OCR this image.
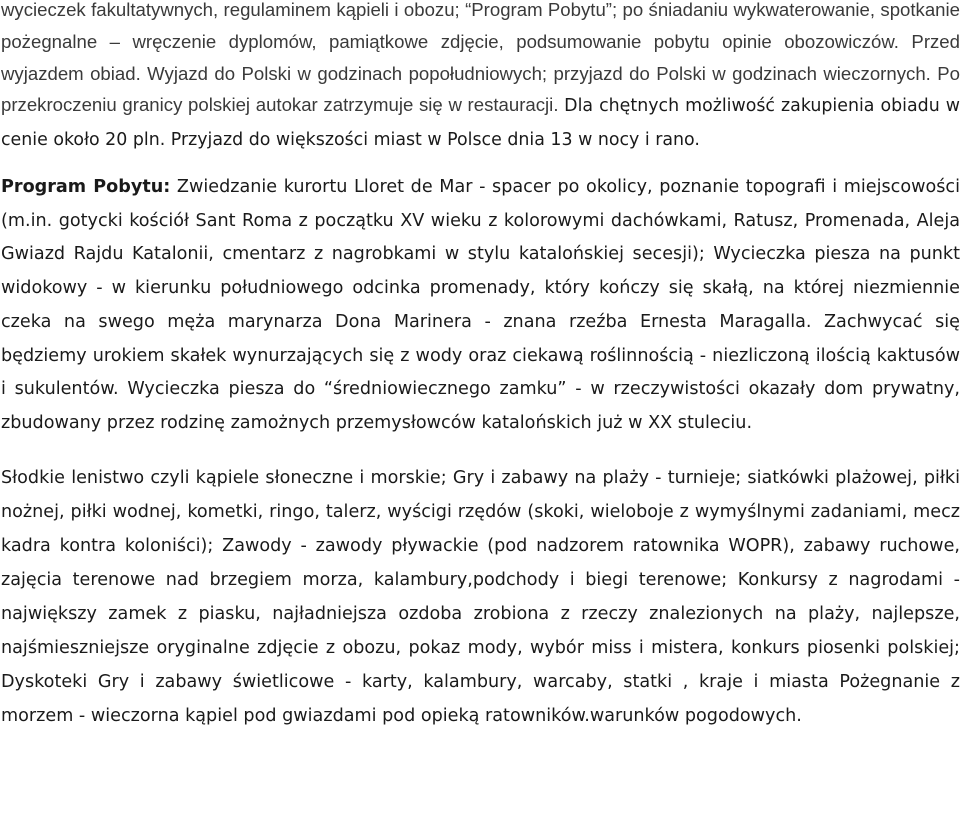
wycieczek fakultatywnych, regulaminem kąpieli i obozu; “Program Pobytu”; po śniadaniu wykwaterowanie, spotkanie pożegnalne – wręczenie dyplomów, pamiątkowe zdjęcie, podsumowanie pobytu opinie obozowiczów. Przed wyjazdem obiad. Wyjazd do Polski w godzinach popołudniowych; przyjazd do Polski w godzinach wieczornych. Po przekroczeniu granicy polskiej autokar zatrzymuje się w restauracji. Dla chętnych możliwość zakupienia obiadu w cenie około 20 pln. Przyjazd do większości miast w Polsce dnia 13 w nocy i rano.

Program Pobytu: Zwiedzanie kurortu Lloret de Mar - spacer po okolicy, poznanie topografi i miejscowości (m.in. gotycki kościół Sant Roma z początku XV wieku z kolorowymi dachówkami, Ratusz, Promenada, Aleja Gwiazd Rajdu Katalonii, cmentarz z nagrobkami w stylu katalońskiej secesji); Wycieczka piesza na punkt widokowy - w kierunku południowego odcinka promenady, który kończy się skałą, na której niezmiennie czeka na swego męża marynarza Dona Marinera - znana rzeźba Ernesta Maragalla. Zachwycać się będziemy urokiem skałek wynurzających się z wody oraz ciekawą roślinnością - niezliczoną ilością kaktusów i sukulentów. Wycieczka piesza do “średniowiecznego zamku” - w rzeczywistości okazały dom prywatny, zbudowany przez rodzinę zamożnych przemysłowców katalońskich już w XX stuleciu.

Słodkie lenistwo czyli kąpiele słoneczne i morskie; Gry i zabawy na plaży - turnieje; siatkówki plażowej, piłki nożnej, piłki wodnej, kometki, ringo, talerz, wyścigi rzędów (skoki, wieloboje z wymyślnymi zadaniami, mecz kadra kontra koloniści); Zawody - zawody pływackie (pod nadzorem ratownika WOPR), zabawy ruchowe, zajęcia terenowe nad brzegiem morza, kalambury,podchody i biegi terenowe; Konkursy z nagrodami - największy zamek z piasku, najładniejsza ozdoba zrobiona z rzeczy znalezionych na plaży, najlepsze, najśmieszniejsze oryginalne zdjęcie z obozu, pokaz mody, wybór miss i mistera, konkurs piosenki polskiej; Dyskoteki Gry i zabawy świetlicowe - karty, kalambury, warcaby, statki , kraje i miasta Pożegnanie z morzem - wieczorna kąpiel pod gwiazdami pod opieką ratowników.warunków pogodowych.
